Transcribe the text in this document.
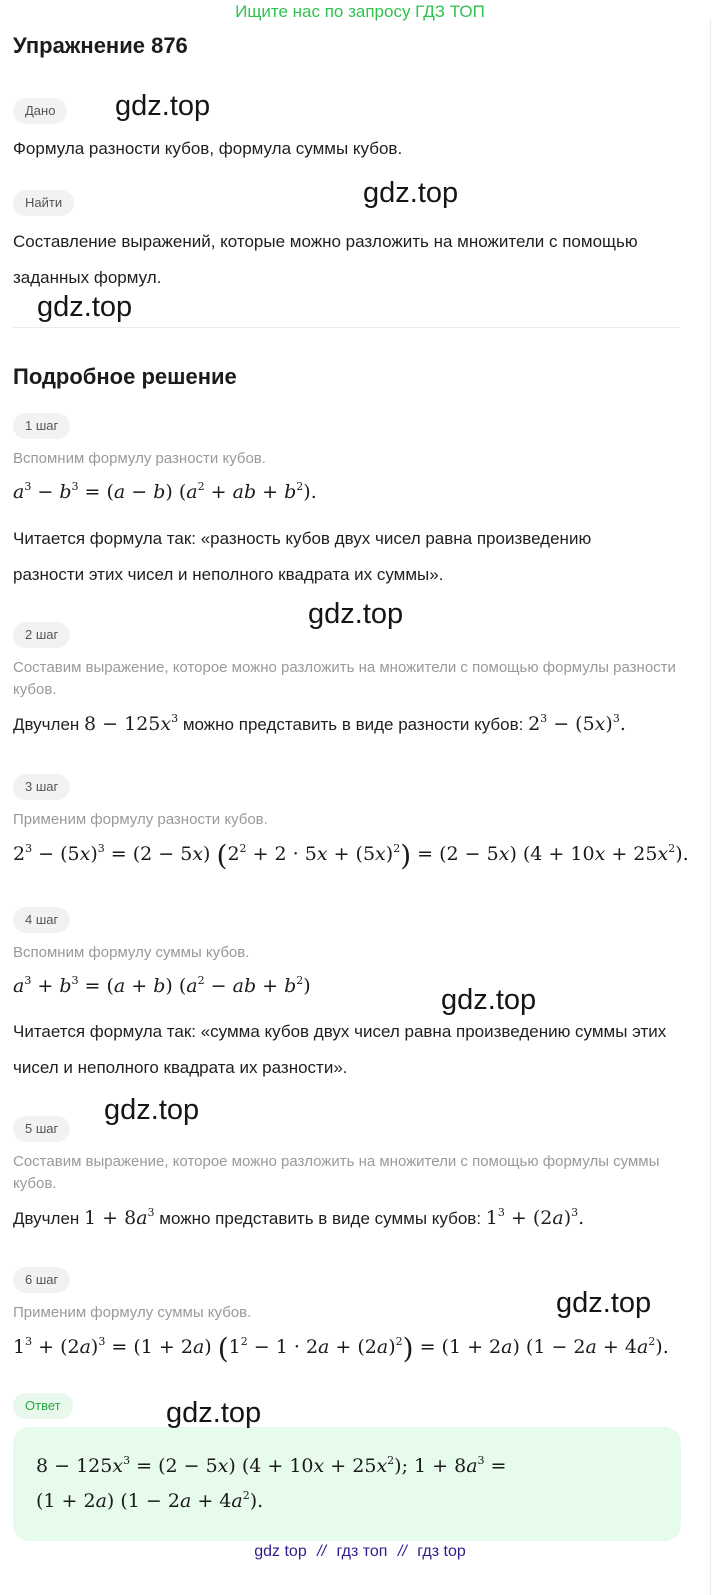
Ищите нас по запросу ГДЗ ТОП
Упражнение 876
Дано
Формула разности кубов, формула суммы кубов.
Найти
Составление выражений, которые можно разложить на множители с помощью заданных формул.
Подробное решение
1 шаг
Вспомним формулу разности кубов.
$a^3 - b^3 = (a - b) (a^2$ + ab + $b^2$).
Читается формула так: «разность кубов двух чисел равна произведению разности этих чисел и неполного квадрата их суммы».
2 шаг
Составим выражение, которое можно разложить на множители с помощью формулы разности кубов.
Двучлен $8 - 125x^3$ можно представить в виде разности кубов: $2^3 - (5x)^3$.
3 шаг
Применим формулу разности кубов.
$2^3 - (5x)^3 = (2 - 5x) (2^2 + 2 \cdot 5x + (5x)^2) = (2 - 5x) (4 + 10x + 25x^2)$.
4 шаг
Вспомним формулу суммы кубов.
$a^3 + b^3 = (a + b) (a^2$ − ab + $b^2$)
Читается формула так: «сумма кубов двух чисел равна произведению суммы этих чисел и неполного квадрата их разности».
5 шаг
Составим выражение, которое можно разложить на множители с помощью формулы суммы кубов.
Двучлен $1 + 8a^3$ можно представить в виде суммы кубов: $1^3 + (2a)^3$.
6 шаг
Применим формулу суммы кубов.
$1^3 + (2a)^3 = (1 + 2a) (1^2 - 1 \cdot 2a + (2a)^2) = (1 + 2a) (1 - 2a + 4a^2)$.
Ответ
$8 - 125x^3 = (2 - 5x) (4 + 10x + 25x^2)$; $1 + 8a^3$ =
(1 + 2a) $(1 - 2a + 4a^2)$.
gdz.top
gdz.top
gdz.top
gdz.top
gdz.top
gdz.top
gdz.top
gdz.top
gdz top // гдз топ // гдз top
